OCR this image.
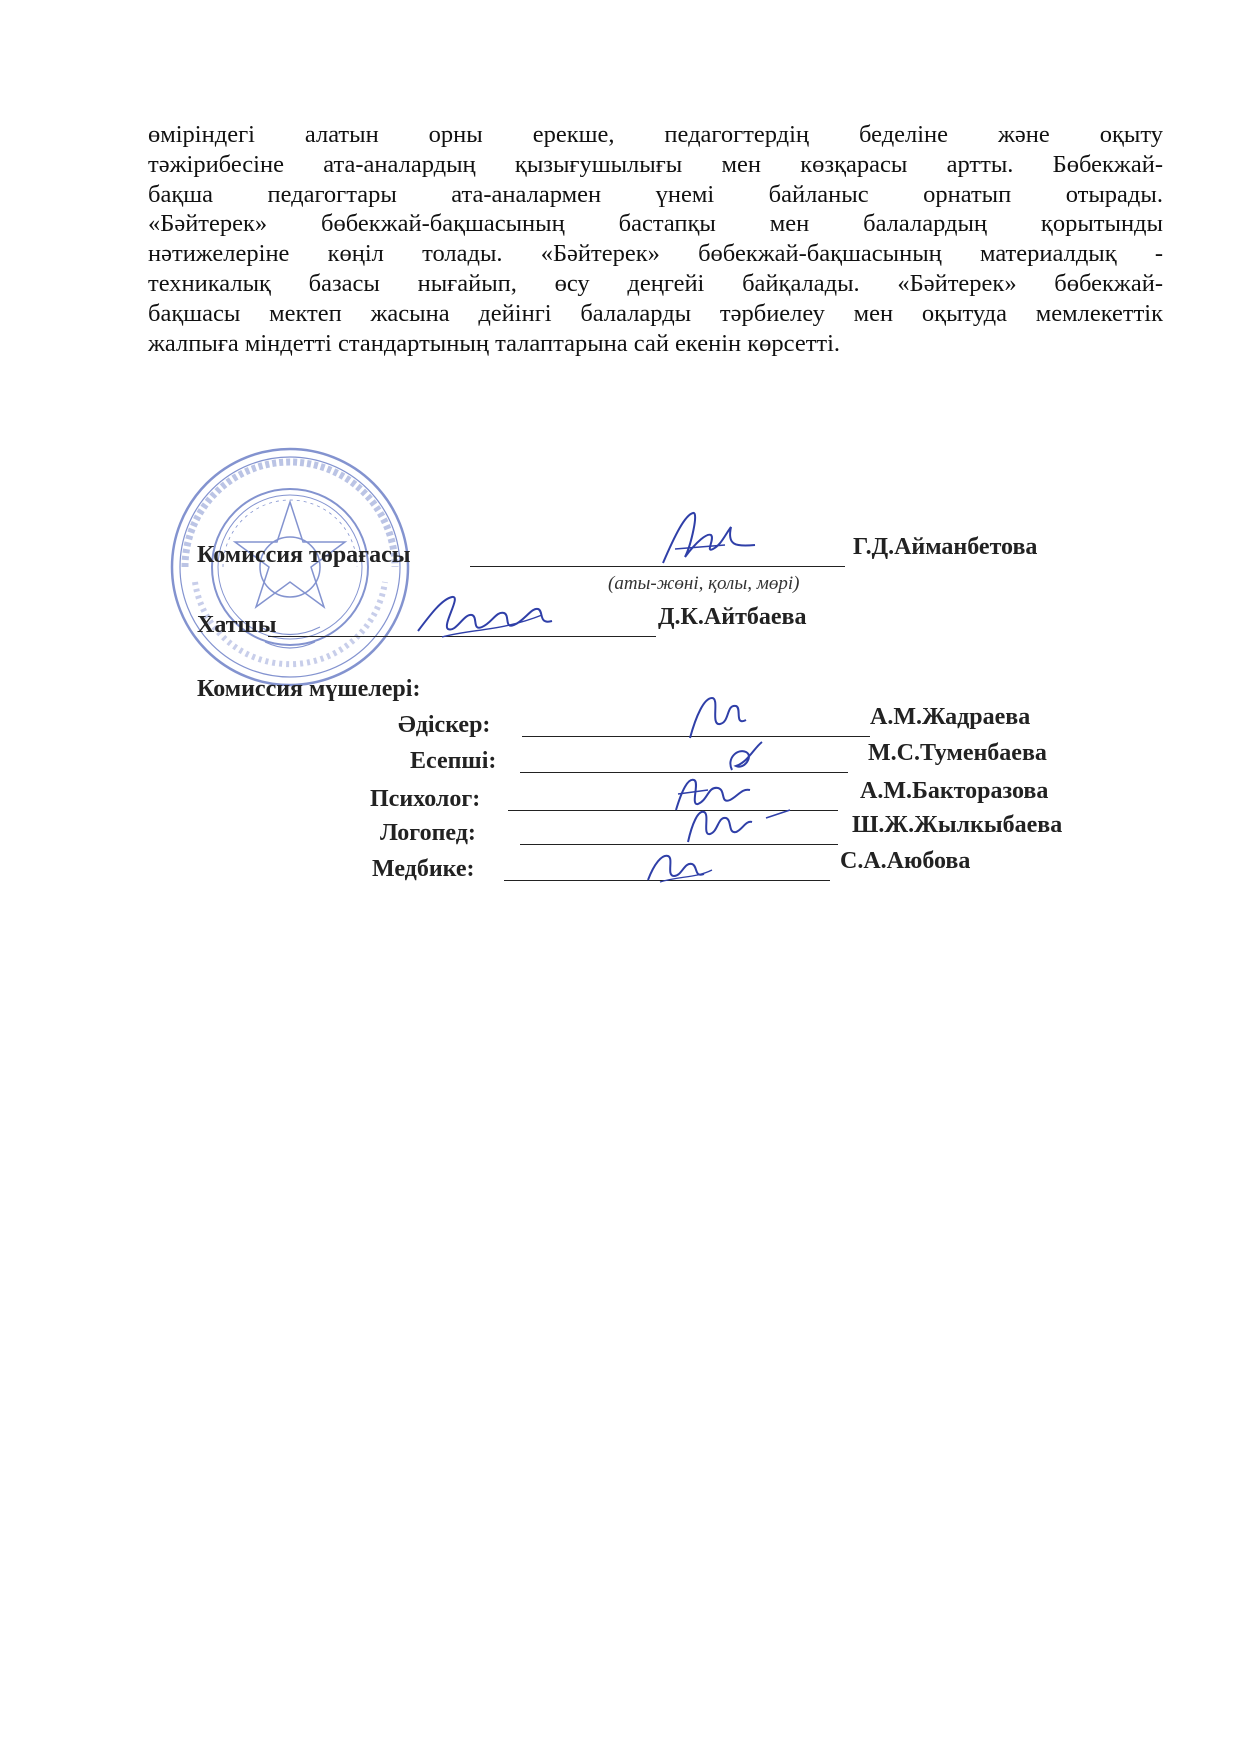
өміріндегі алатын орны ерекше, педагогтердің беделіне және оқыту
тәжірибесіне ата-аналардың қызығушылығы мен көзқарасы артты. Бөбекжай-
бақша педагогтары ата-аналармен үнемі байланыс орнатып отырады.
«Бәйтерек» бөбекжай-бақшасының бастапқы мен балалардың қорытынды
нәтижелеріне көңіл толады. «Бәйтерек» бөбекжай-бақшасының материалдық -
техникалық базасы нығайып, өсу деңгейі байқалады. «Бәйтерек» бөбекжай-
бақшасы мектеп жасына дейінгі балаларды тәрбиелеу мен оқытуда мемлекеттік
жалпыға міндетті стандартының талаптарына сай екенін көрсетті.

Комиссия төрағасы	Г.Д.Айманбетова
(аты-жөні, қолы, мөрі)
Хатшы	Д.К.Айтбаева
Комиссия мүшелері:
Әдіскер:	А.М.Жадраева
Есепші:	М.С.Туменбаева
Психолог:	А.М.Бакторазова
Логопед:	Ш.Ж.Жылкыбаева
Медбике:	С.А.Аюбова
